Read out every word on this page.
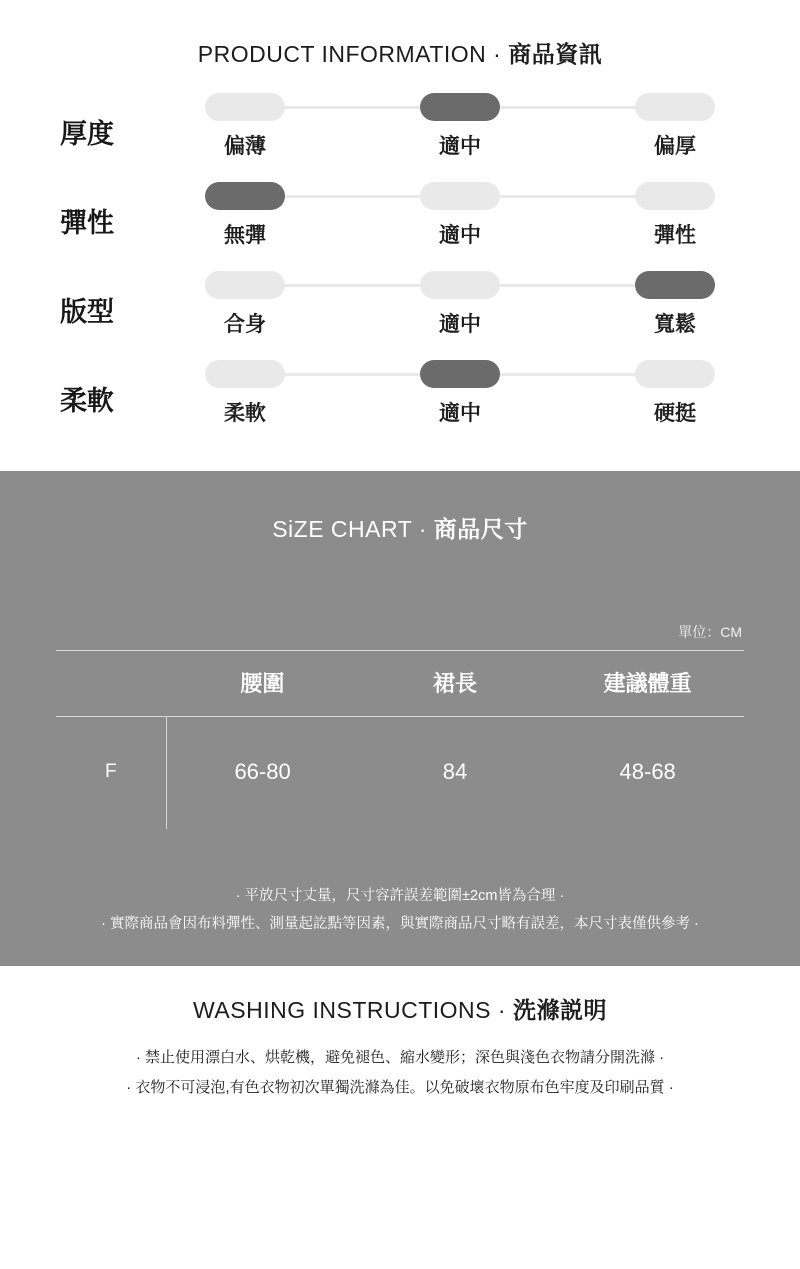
PRODUCT INFORMATION · 商品資訊
厚度	偏薄	適中	偏厚
彈性	無彈	適中	彈性
版型	合身	適中	寬鬆
柔軟	柔軟	適中	硬挺
SiZE CHART · 商品尺寸
單位：CM
	腰圍	裙長	建議體重
F	66-80	84	48-68
· 平放尺寸丈量，尺寸容許誤差範圍±2cm皆為合理 ·
· 實際商品會因布料彈性、測量起訖點等因素，與實際商品尺寸略有誤差，本尺寸表僅供參考 ·
WASHING INSTRUCTIONS · 洗滌説明
· 禁止使用漂白水、烘乾機，避免褪色、縮水變形；深色與淺色衣物請分開洗滌 ·
· 衣物不可浸泡,有色衣物初次單獨洗滌為佳。以免破壞衣物原布色牢度及印刷品質 ·
